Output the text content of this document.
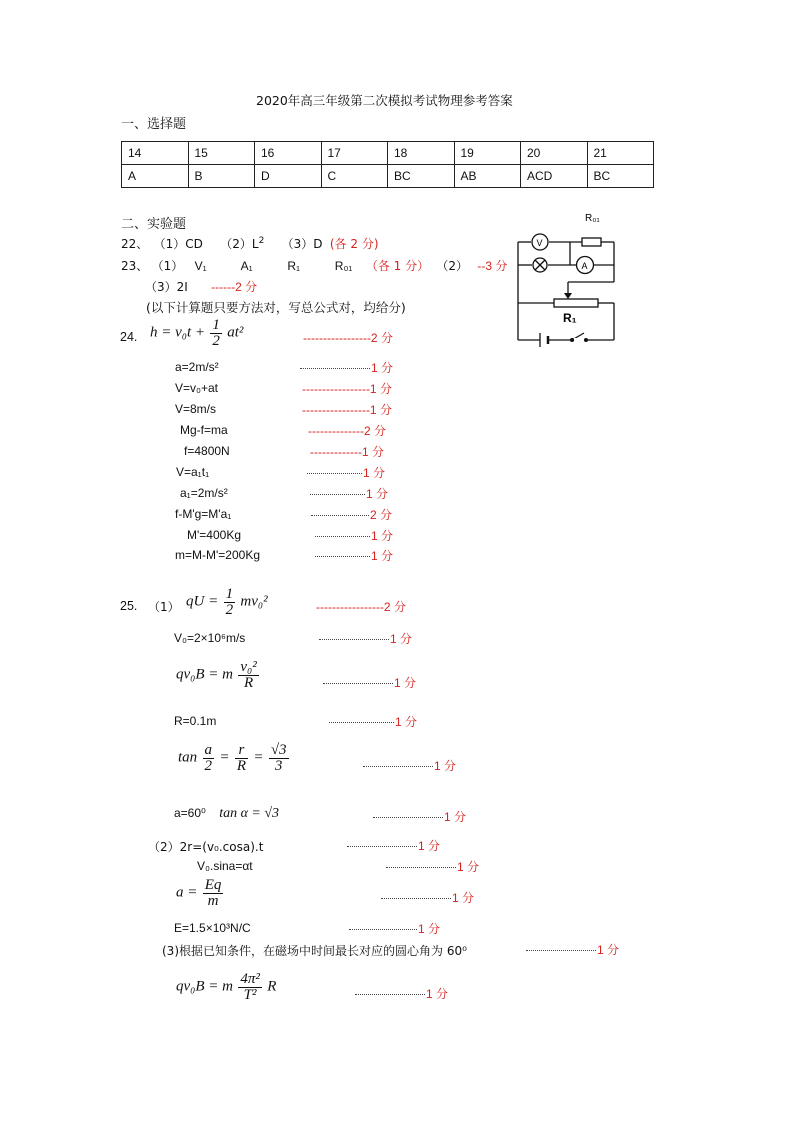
2020年高三年级第二次模拟考试物理参考答案
一、选择题
14	15	16	17	18	19	20	21
A	B	D	C	BC	AB	ACD	BC
二、实验题
22、 （1）CD $(2)L^2$ （3）D (各 2 分)
23、 （1） V₁  A₁  R₁  R₀₁ （各 1 分） （2） --3 分
（3）2I ------2 分
(以下计算题只要方法对，写总公式对，均给分)
R₀₁
R₁
V
A
24. $h = v_0t + \frac{1}{2} at^2$	-----------------2 分
a=2m/s²	1 分
V=v₀+at	-----------------1 分
V=8m/s	-----------------1 分
Mg-f=ma	--------------2 分
f=4800N	-------------1 分
V=a₁t₁	1 分
a₁=2m/s²	1 分
f-M'g=M'a₁	2 分
M'=400Kg	1 分
m=M-M'=200Kg	1 分
25. （1） qU = $\frac{1}{2} mv_0^2$	-----------------2 分
V₀=2×10⁶m/s	1 分
qv₀B = m $\frac{\text{v₀²}}{R}$	1 分
R=0.1m	1 分
$\tan \frac{a}{2} = \frac{r}{R} = \frac{√3}{3}$	1 分
a=60⁰ tan α = √3	1 分
（2）2r=(v₀.cosa).t	1 分
V₀.sina=αt	1 分
$a = \frac{Eq}{m}$	1 分
E=1.5×10³N/C	1 分
(3)根据已知条件，在磁场中时间最长对应的圆心角为 60⁰	1 分
qv₀B = m $\frac{\text{4π²}}{\text{T²}}$ R	1 分
